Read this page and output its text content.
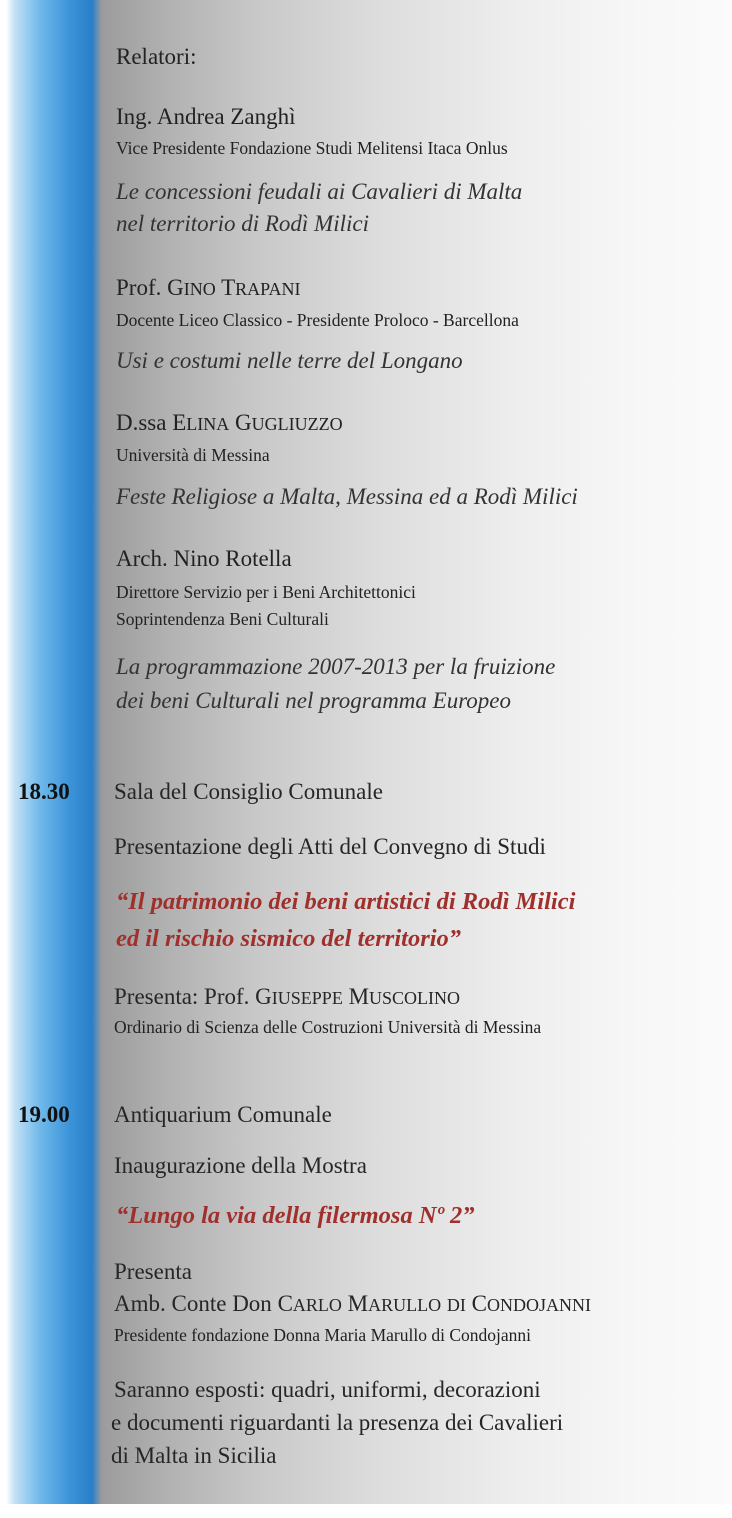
Relatori:
Ing. Andrea Zanghì
Vice Presidente Fondazione Studi Melitensi Itaca Onlus
Le concessioni feudali ai Cavalieri di Malta
nel territorio di Rodì Milici
Prof. GINO TRAPANI
Docente Liceo Classico - Presidente Proloco - Barcellona
Usi e costumi nelle terre del Longano
D.ssa ELINA GUGLIUZZO
Università di Messina
Feste Religiose a Malta, Messina ed a Rodì Milici
Arch. Nino Rotella
Direttore Servizio per i Beni Architettonici
Soprintendenza Beni Culturali
La programmazione 2007-2013 per la fruizione
dei beni Culturali nel programma Europeo
18.30 Sala del Consiglio Comunale
Presentazione degli Atti del Convegno di Studi
“Il patrimonio dei beni artistici di Rodì Milici
ed il rischio sismico del territorio”
Presenta: Prof. GIUSEPPE MUSCOLINO
Ordinario di Scienza delle Costruzioni Università di Messina
19.00 Antiquarium Comunale
Inaugurazione della Mostra
“Lungo la via della filermosa Nº 2”
Presenta
Amb. Conte Don CARLO MARULLO DI CONDOJANNI
Presidente fondazione Donna Maria Marullo di Condojanni
Saranno esposti: quadri, uniformi, decorazioni
e documenti riguardanti la presenza dei Cavalieri
di Malta in Sicilia
